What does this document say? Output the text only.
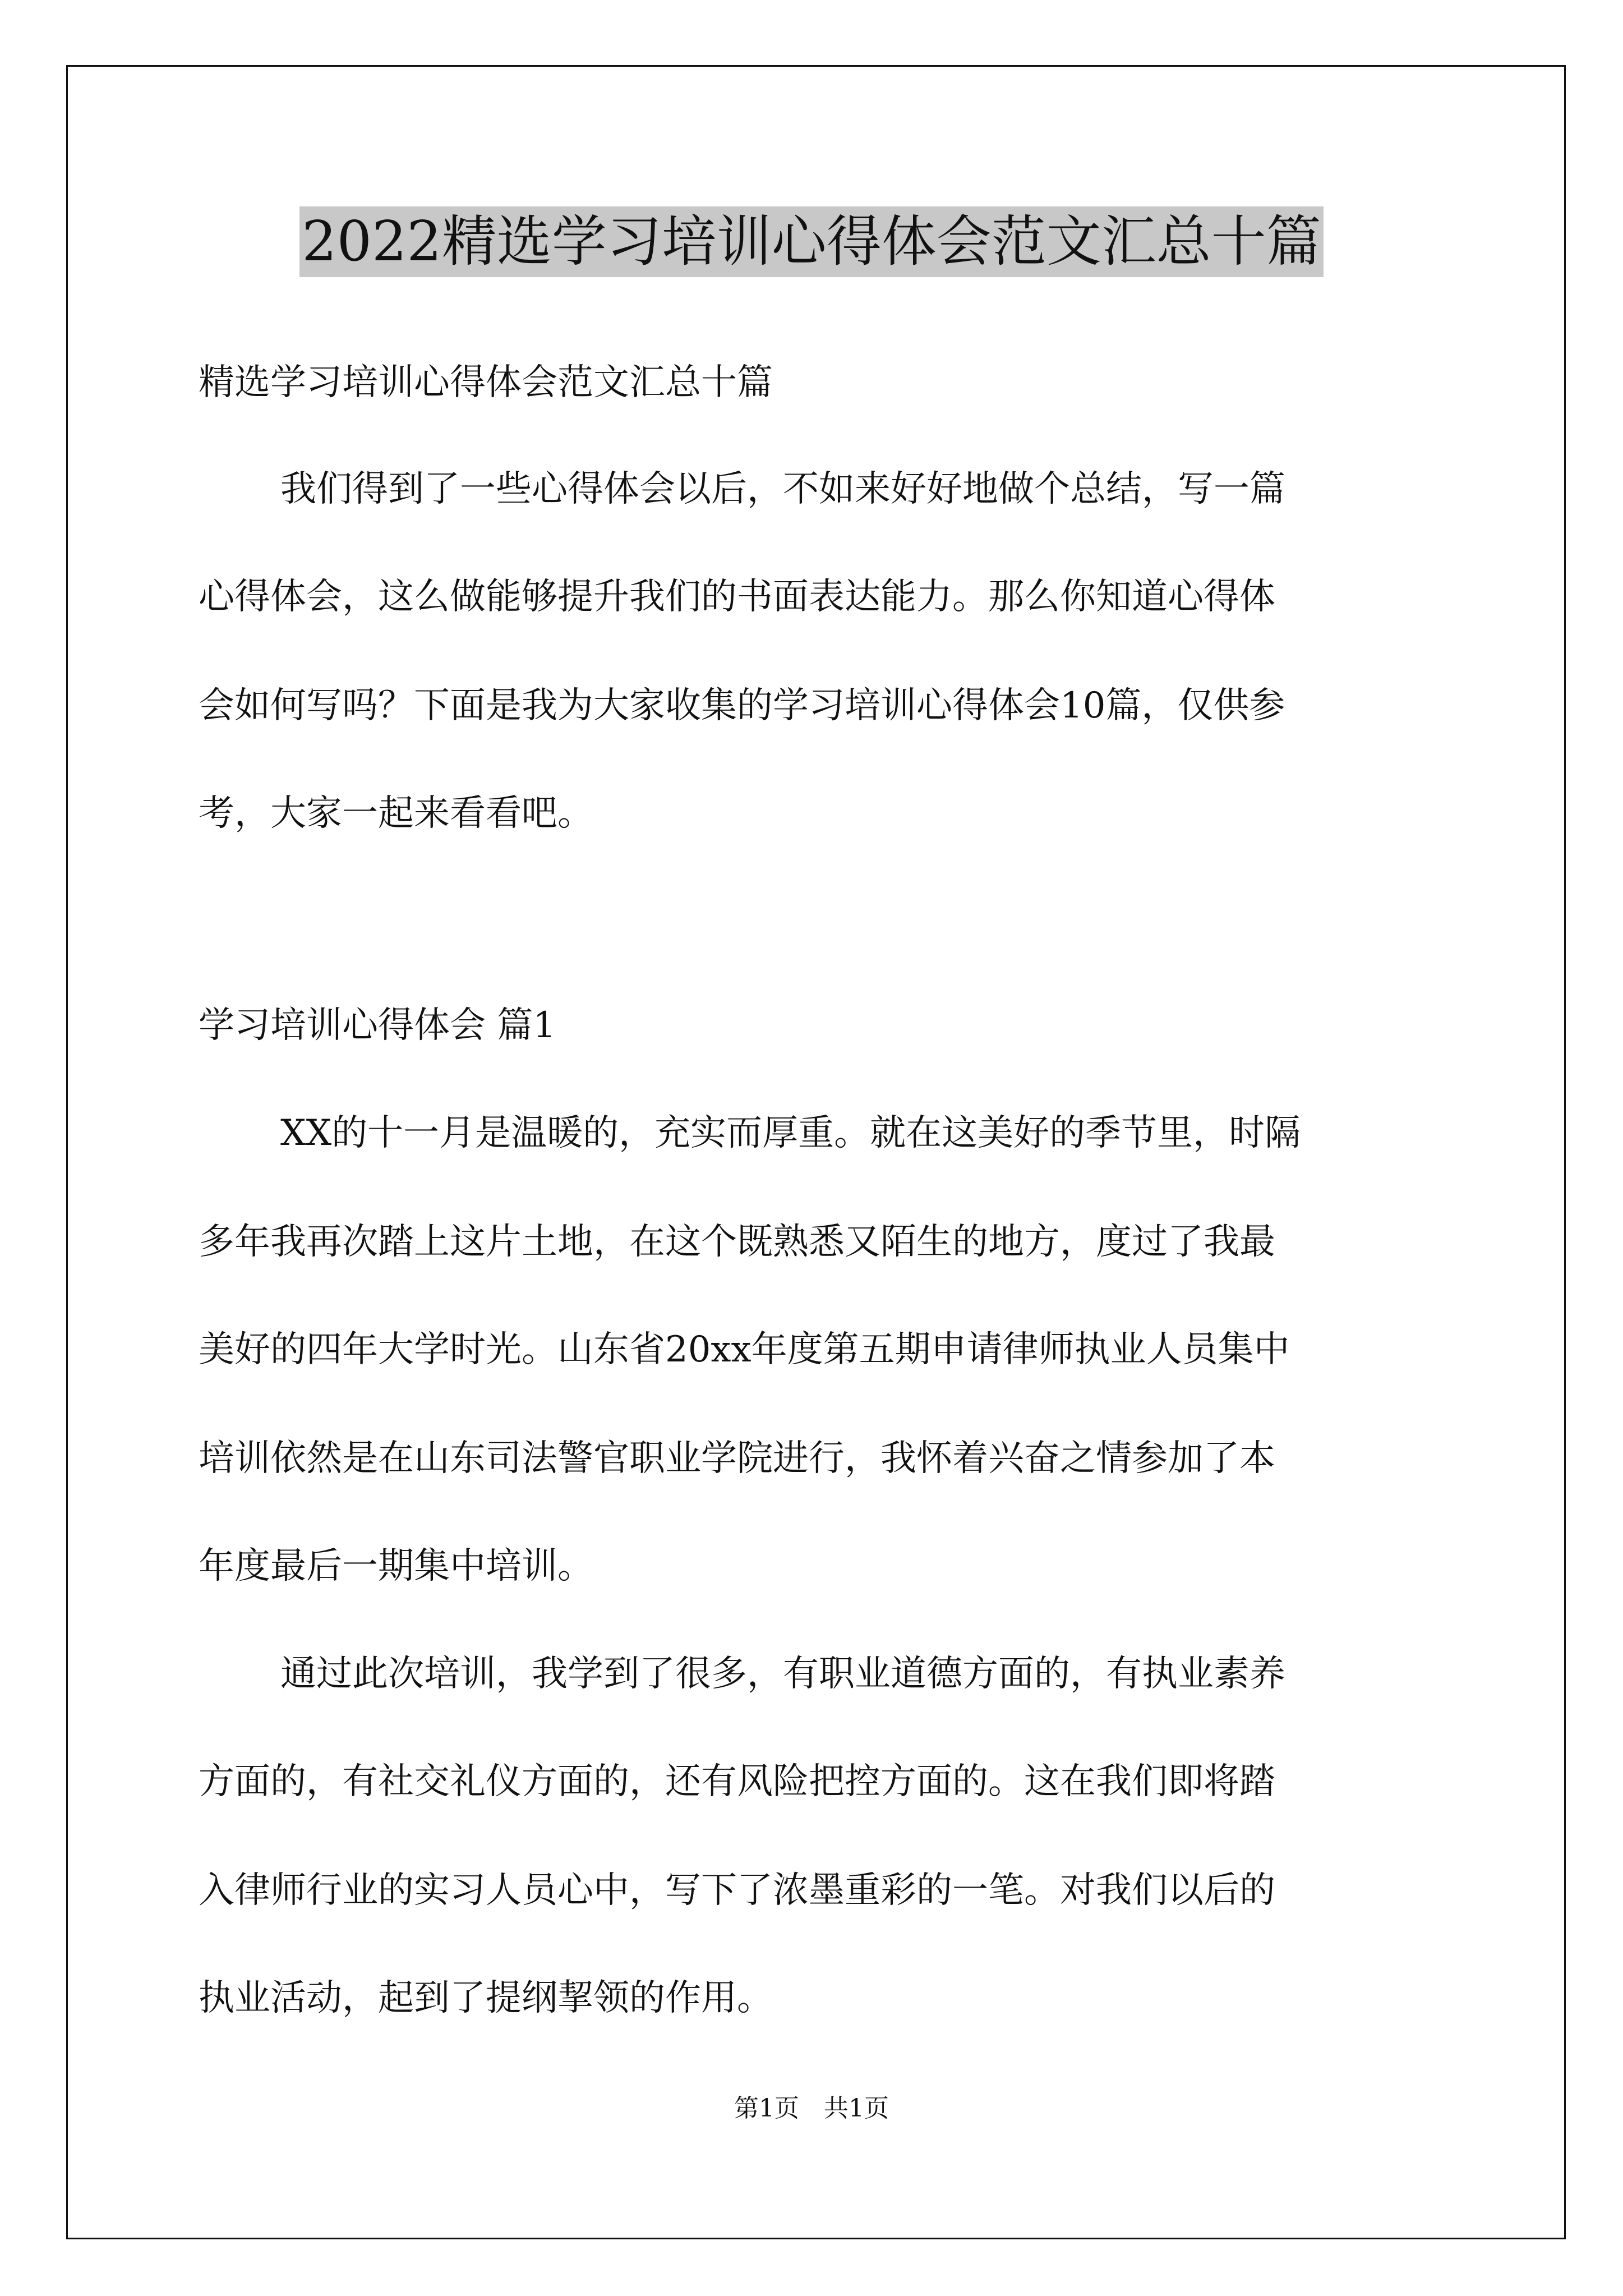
2022精选学习培训心得体会范文汇总十篇
精选学习培训心得体会范文汇总十篇
我们得到了一些心得体会以后，不如来好好地做个总结，写一篇
心得体会，这么做能够提升我们的书面表达能力。那么你知道心得体
会如何写吗？下面是我为大家收集的学习培训心得体会10篇，仅供参
考，大家一起来看看吧。
学习培训心得体会 篇1
XX的十一月是温暖的，充实而厚重。就在这美好的季节里，时隔
多年我再次踏上这片土地，在这个既熟悉又陌生的地方，度过了我最
美好的四年大学时光。山东省20xx年度第五期申请律师执业人员集中
培训依然是在山东司法警官职业学院进行，我怀着兴奋之情参加了本
年度最后一期集中培训。
通过此次培训，我学到了很多，有职业道德方面的，有执业素养
方面的，有社交礼仪方面的，还有风险把控方面的。这在我们即将踏
入律师行业的实习人员心中，写下了浓墨重彩的一笔。对我们以后的
执业活动，起到了提纲挈领的作用。
第1页　共1页
